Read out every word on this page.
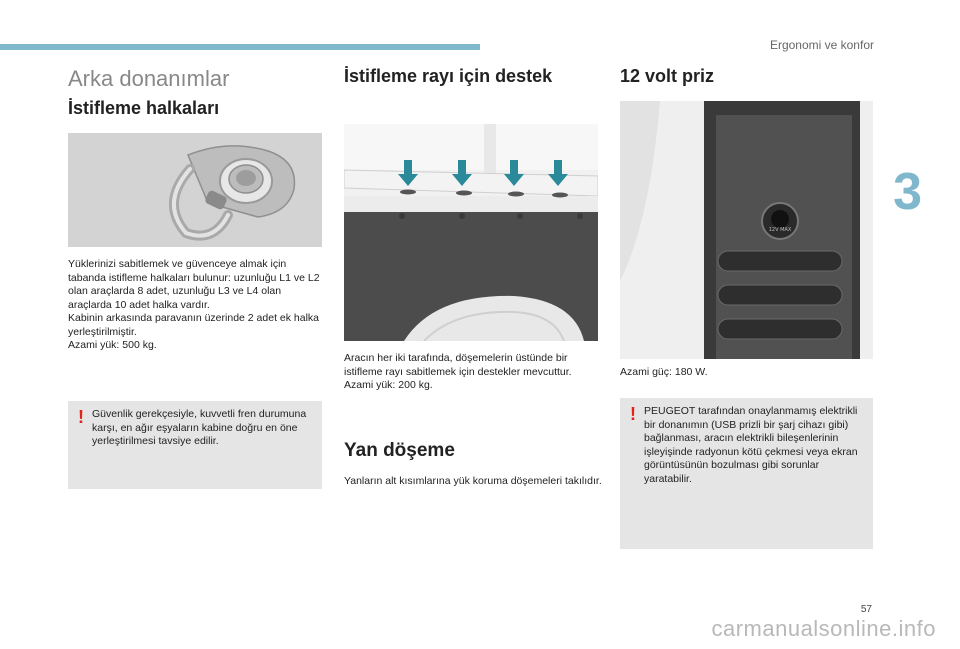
Ergonomi ve konfor
3
Arka donanımlar
İstifleme halkaları

Yüklerinizi sabitlemek ve güvenceye almak için tabanda istifleme halkaları bulunur: uzunluğu L1 ve L2 olan araçlarda 8 adet, uzunluğu L3 ve L4 olan araçlarda 10 adet halka vardır.

Kabinin arkasında paravanın üzerinde 2 adet ek halka yerleştirilmiştir.

Azami yük: 500 kg.

! Güvenlik gerekçesiyle, kuvvetli fren durumuna karşı, en ağır eşyaların kabine doğru en öne yerleştirilmesi tavsiye edilir.
İstifleme rayı için destek

Aracın her iki tarafında, döşemelerin üstünde bir istifleme rayı sabitlemek için destekler mevcuttur.

Azami yük: 200 kg.

Yan döşeme
Yanların alt kısımlarına yük koruma döşemeleri takılıdır.
12 volt priz
12V MAX
Azami güç: 180 W.
! PEUGEOT tarafından onaylanmamış elektrikli bir donanımın (USB prizli bir şarj cihazı gibi) bağlanması, aracın elektrikli bileşenlerinin işleyişinde radyonun kötü çekmesi veya ekran görüntüsünün bozulması gibi sorunlar yaratabilir.
57
carmanualsonline.info
